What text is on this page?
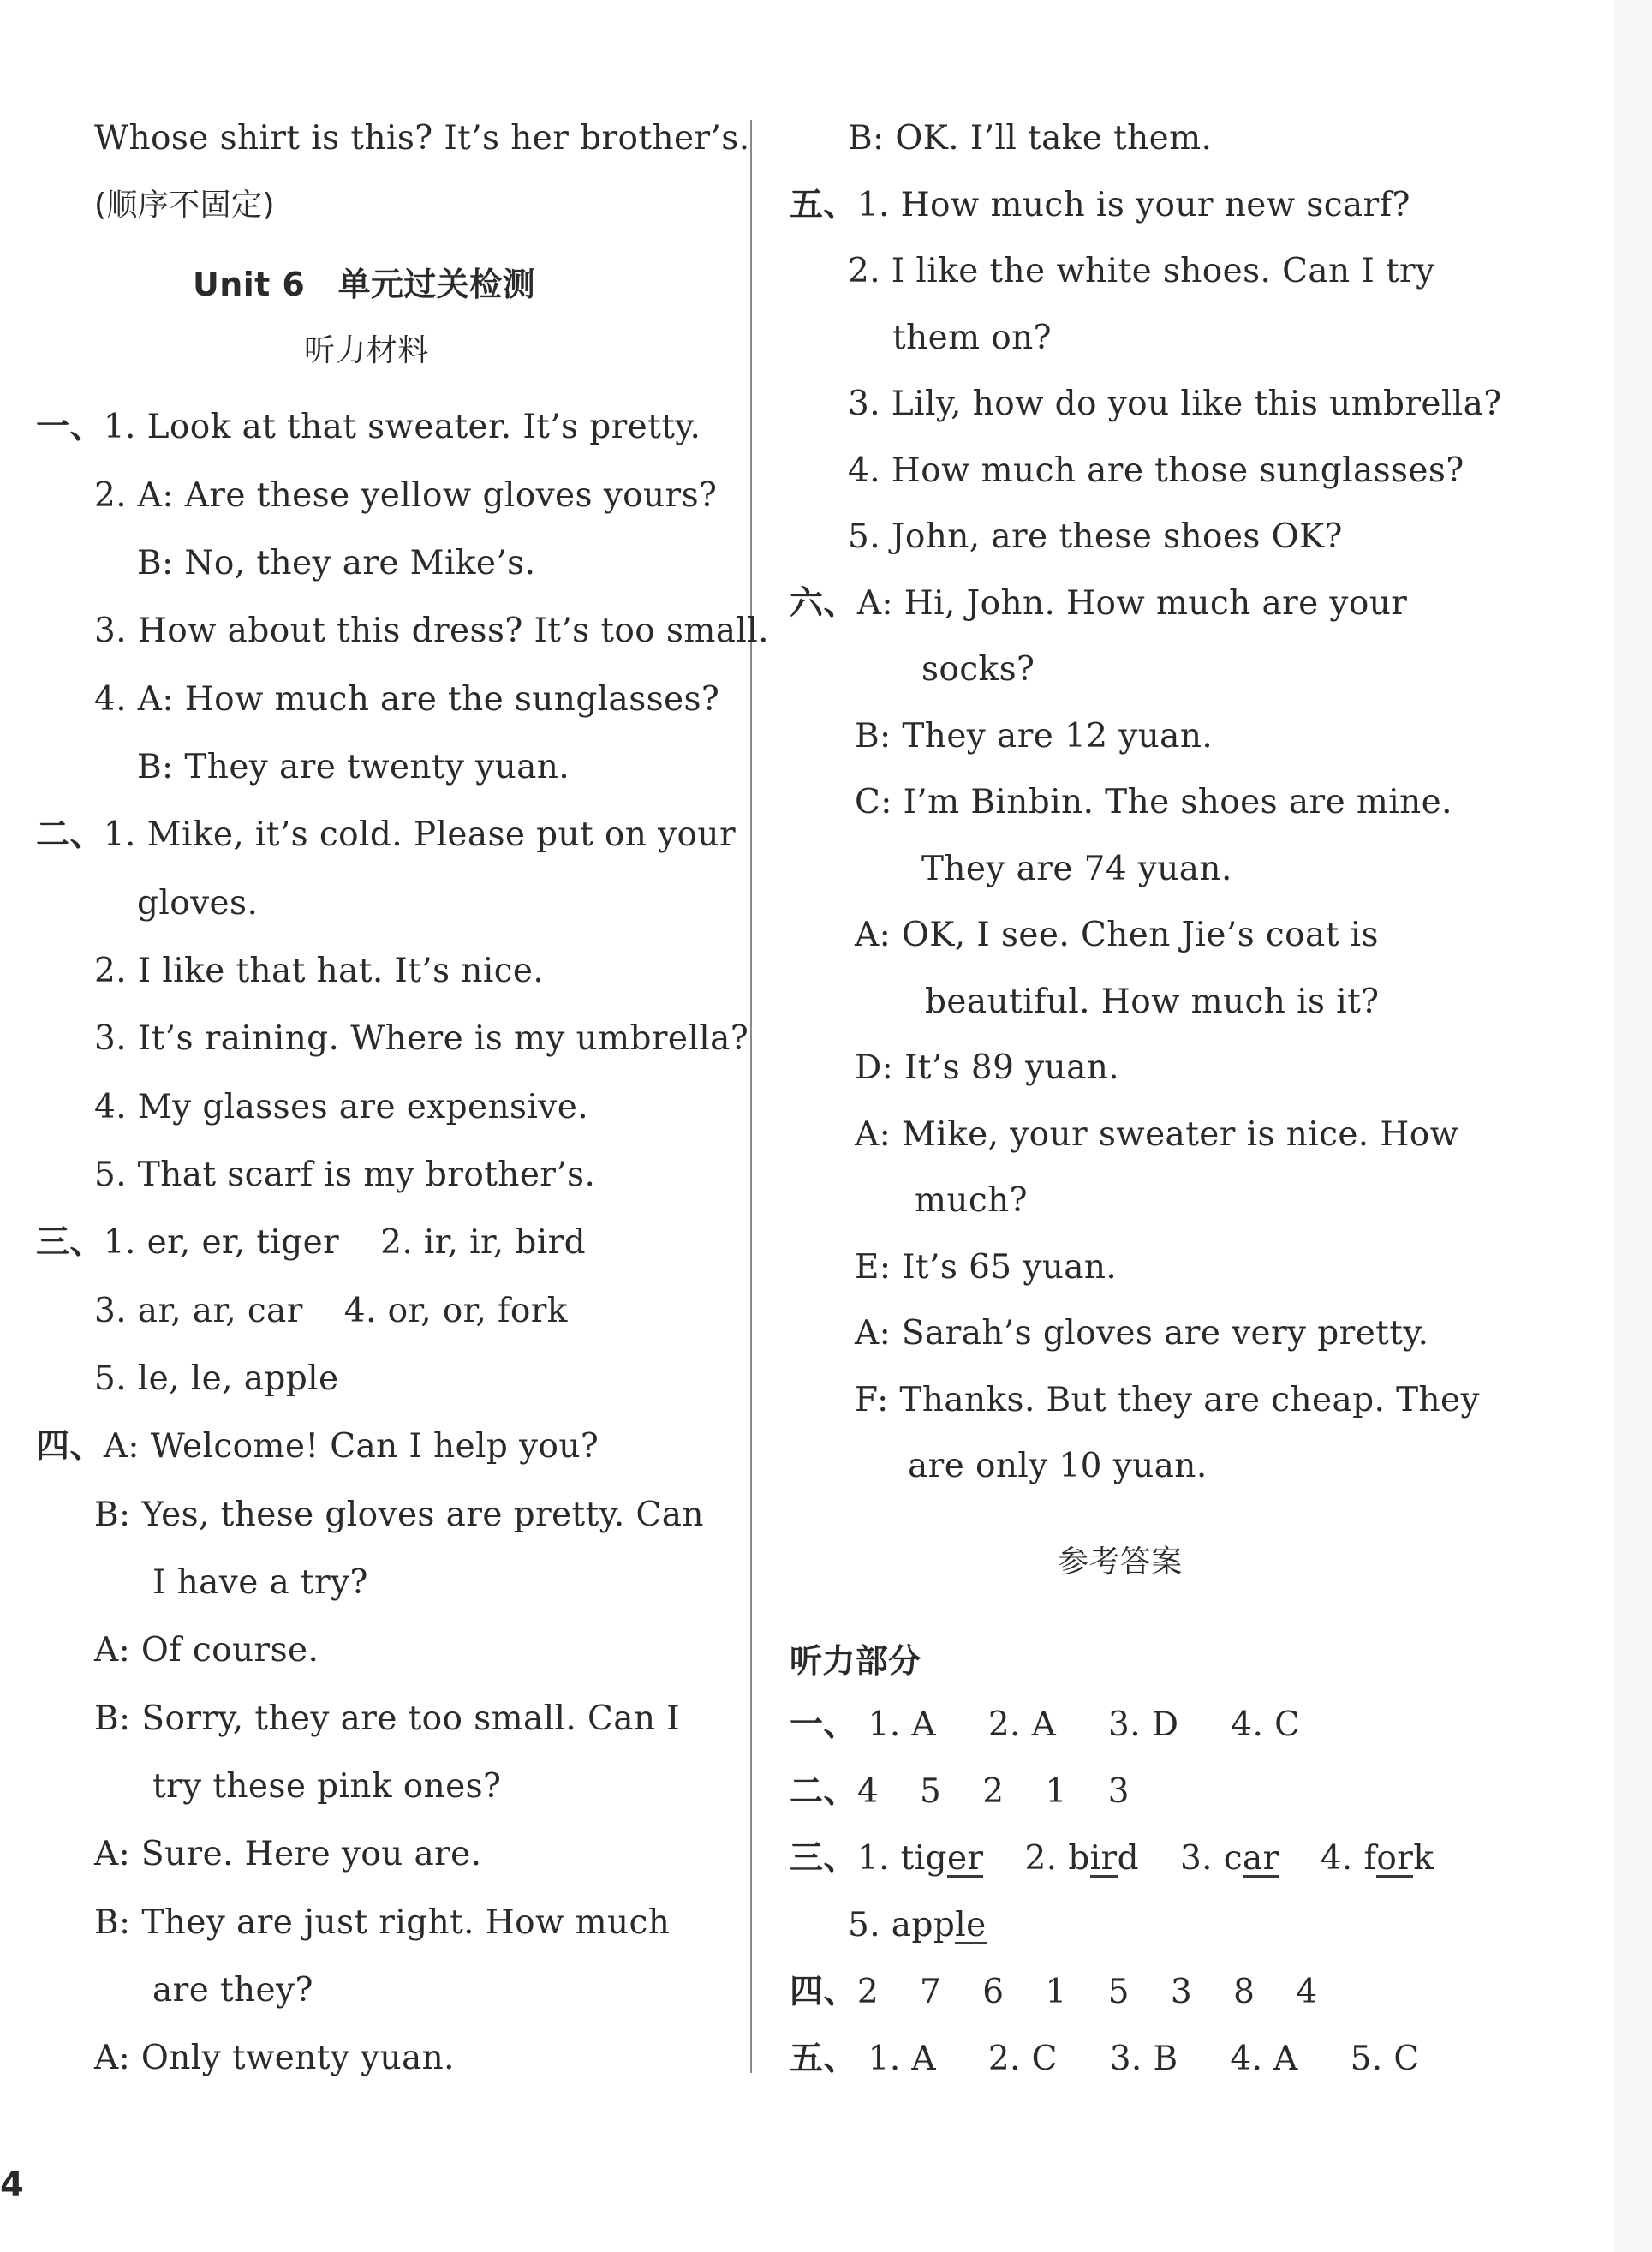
Whose shirt is this? It’s her brother’s.
(顺序不固定)
Unit 6　单元过关检测
听力材料
一、1. Look at that sweater. It’s pretty.
2. A: Are these yellow gloves yours?
B: No, they are Mike’s.
3. How about this dress? It’s too small.
4. A: How much are the sunglasses?
B: They are twenty yuan.
二、1. Mike, it’s cold. Please put on your
gloves.
2. I like that hat. It’s nice.
3. It’s raining. Where is my umbrella?
4. My glasses are expensive.
5. That scarf is my brother’s.
三、1. er, er, tiger 2. ir, ir, bird
3. ar, ar, car 4. or, or, fork
5. le, le, apple
四、A: Welcome! Can I help you?
B: Yes, these gloves are pretty. Can
I have a try?
A: Of course.
B: Sorry, they are too small. Can I
try these pink ones?
A: Sure. Here you are.
B: They are just right. How much
are they?
A: Only twenty yuan.
B: OK. I’ll take them.
五、1. How much is your new scarf?
2. I like the white shoes. Can I try
them on?
3. Lily, how do you like this umbrella?
4. How much are those sunglasses?
5. John, are these shoes OK?
六、A: Hi, John. How much are your
socks?
B: They are 12 yuan.
C: I’m Binbin. The shoes are mine.
They are 74 yuan.
A: OK, I see. Chen Jie’s coat is
beautiful. How much is it?
D: It’s 89 yuan.
A: Mike, your sweater is nice. How
much?
E: It’s 65 yuan.
A: Sarah’s gloves are very pretty.
F: Thanks. But they are cheap. They
are only 10 yuan.
参考答案
听力部分
一、 1. A 2. A 3. D 4. C
二、4 5 2 1 3
三、1. tiger 2. bird 3. car 4. fork
5. apple
四、2 7 6 1 5 3 8 4
五、 1. A 2. C 3. B 4. A 5. C
4
